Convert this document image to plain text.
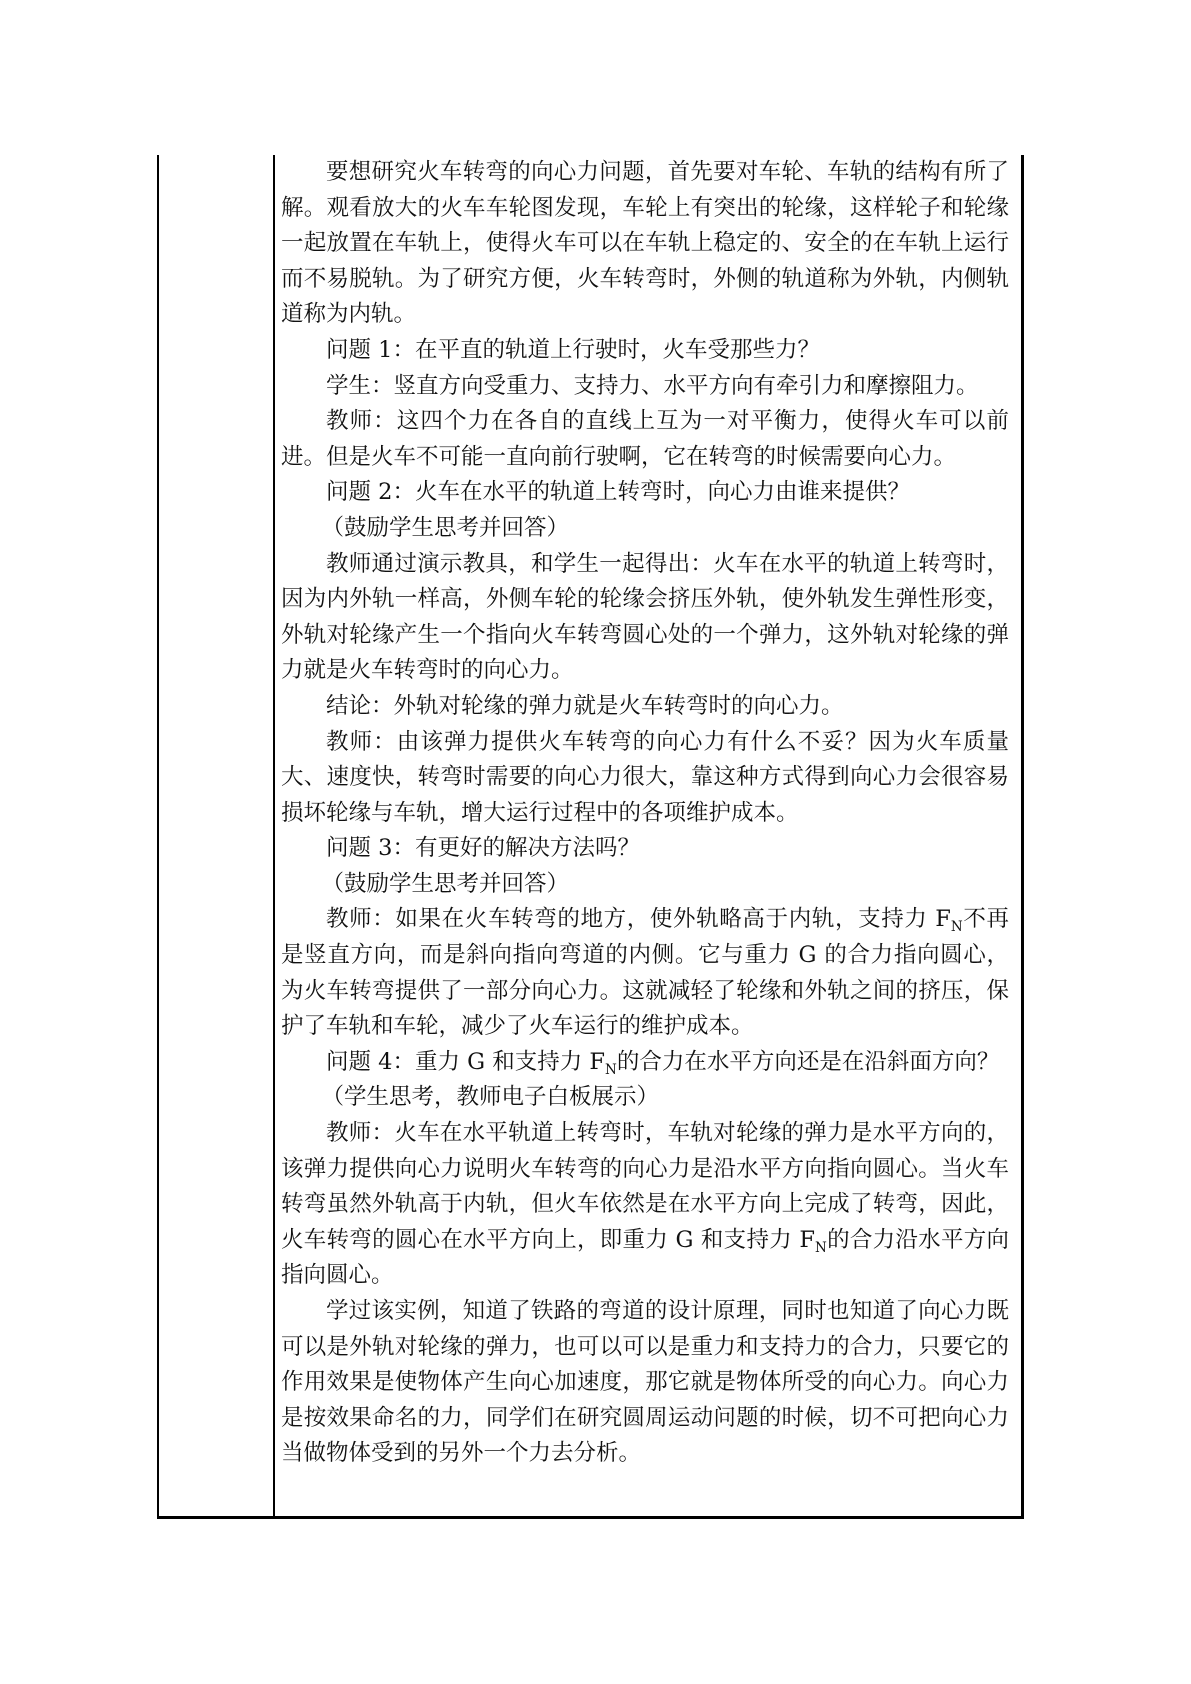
要想研究火车转弯的向心力问题，首先要对车轮、车轨的结构有所了解。观看放大的火车车轮图发现，车轮上有突出的轮缘，这样轮子和轮缘一起放置在车轨上，使得火车可以在车轨上稳定的、安全的在车轨上运行而不易脱轨。为了研究方便，火车转弯时，外侧的轨道称为外轨，内侧轨道称为内轨。

问题 1：在平直的轨道上行驶时，火车受那些力？

学生：竖直方向受重力、支持力、水平方向有牵引力和摩擦阻力。

教师：这四个力在各自的直线上互为一对平衡力，使得火车可以前进。但是火车不可能一直向前行驶啊，它在转弯的时候需要向心力。

问题 2：火车在水平的轨道上转弯时，向心力由谁来提供？

（鼓励学生思考并回答）

教师通过演示教具，和学生一起得出：火车在水平的轨道上转弯时，因为内外轨一样高，外侧车轮的轮缘会挤压外轨，使外轨发生弹性形变，外轨对轮缘产生一个指向火车转弯圆心处的一个弹力，这外轨对轮缘的弹力就是火车转弯时的向心力。

结论：外轨对轮缘的弹力就是火车转弯时的向心力。

教师：由该弹力提供火车转弯的向心力有什么不妥？因为火车质量大、速度快，转弯时需要的向心力很大，靠这种方式得到向心力会很容易损坏轮缘与车轨，增大运行过程中的各项维护成本。

问题 3：有更好的解决方法吗？

（鼓励学生思考并回答）

教师：如果在火车转弯的地方，使外轨略高于内轨，支持力 $F_N$不再是竖直方向，而是斜向指向弯道的内侧。它与重力 G 的合力指向圆心，为火车转弯提供了一部分向心力。这就减轻了轮缘和外轨之间的挤压，保护了车轨和车轮，减少了火车运行的维护成本。

问题 4：重力 G 和支持力 $F_N$的合力在水平方向还是在沿斜面方向？

（学生思考，教师电子白板展示）

教师：火车在水平轨道上转弯时，车轨对轮缘的弹力是水平方向的，该弹力提供向心力说明火车转弯的向心力是沿水平方向指向圆心。当火车转弯虽然外轨高于内轨，但火车依然是在水平方向上完成了转弯，因此，火车转弯的圆心在水平方向上，即重力 G 和支持力 $F_N$的合力沿水平方向指向圆心。

学过该实例，知道了铁路的弯道的设计原理，同时也知道了向心力既可以是外轨对轮缘的弹力，也可以可以是重力和支持力的合力，只要它的作用效果是使物体产生向心加速度，那它就是物体所受的向心力。向心力是按效果命名的力，同学们在研究圆周运动问题的时候，切不可把向心力当做物体受到的另外一个力去分析。
